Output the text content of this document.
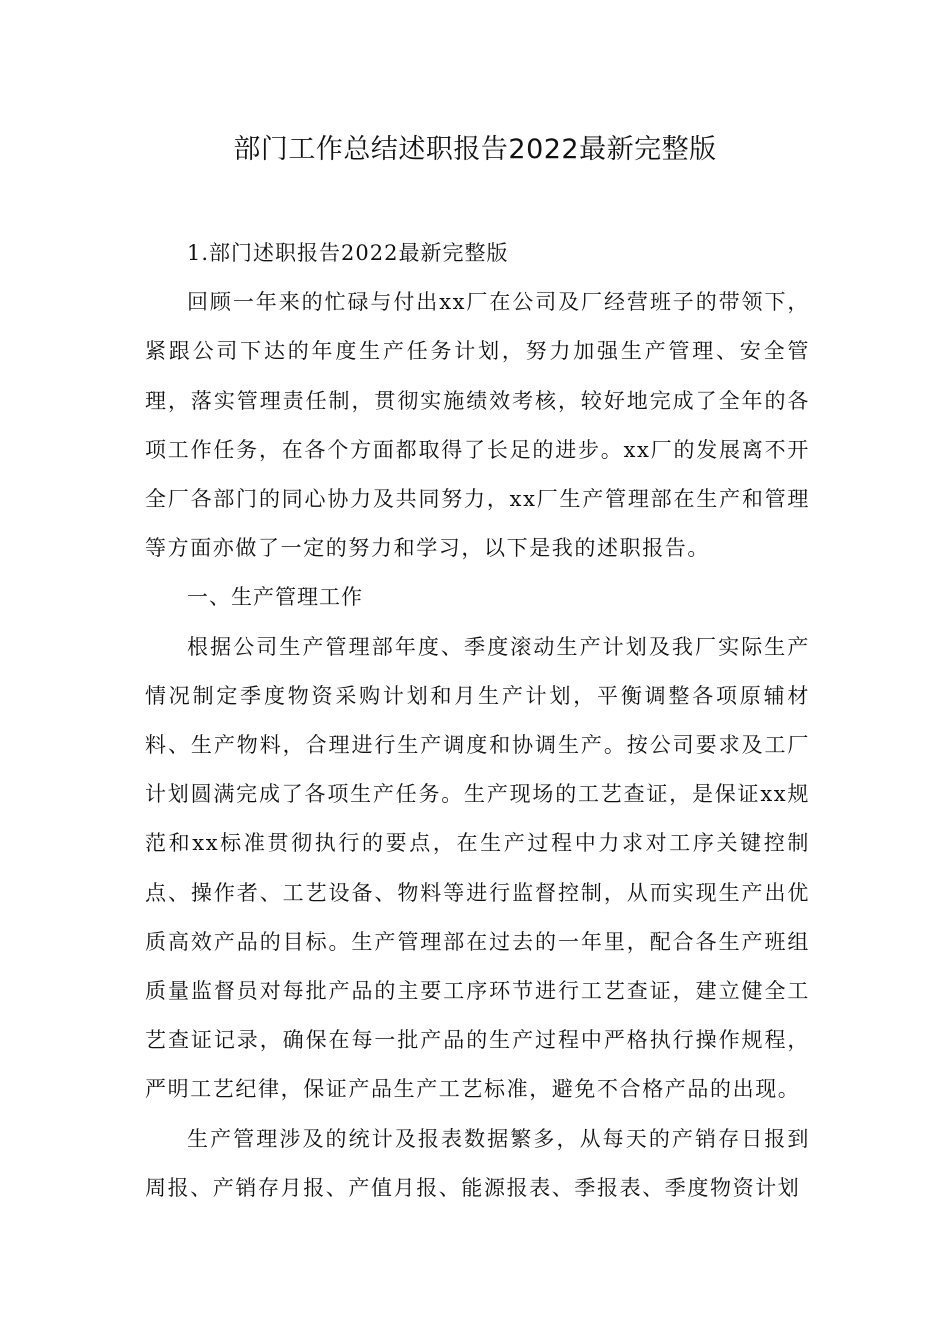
部门工作总结述职报告2022最新完整版

1.部门述职报告2022最新完整版

回顾一年来的忙碌与付出xx厂在公司及厂经营班子的带领下，紧跟公司下达的年度生产任务计划，努力加强生产管理、安全管理，落实管理责任制，贯彻实施绩效考核，较好地完成了全年的各项工作任务，在各个方面都取得了长足的进步。xx厂的发展离不开全厂各部门的同心协力及共同努力，xx厂生产管理部在生产和管理等方面亦做了一定的努力和学习，以下是我的述职报告。

一、生产管理工作

根据公司生产管理部年度、季度滚动生产计划及我厂实际生产情况制定季度物资采购计划和月生产计划，平衡调整各项原辅材料、生产物料，合理进行生产调度和协调生产。按公司要求及工厂计划圆满完成了各项生产任务。生产现场的工艺查证，是保证xx规范和xx标准贯彻执行的要点，在生产过程中力求对工序关键控制点、操作者、工艺设备、物料等进行监督控制，从而实现生产出优质高效产品的目标。生产管理部在过去的一年里，配合各生产班组质量监督员对每批产品的主要工序环节进行工艺查证，建立健全工艺查证记录，确保在每一批产品的生产过程中严格执行操作规程，严明工艺纪律，保证产品生产工艺标准，避免不合格产品的出现。

生产管理涉及的统计及报表数据繁多，从每天的产销存日报到周报、产销存月报、产值月报、能源报表、季报表、季度物资计划
